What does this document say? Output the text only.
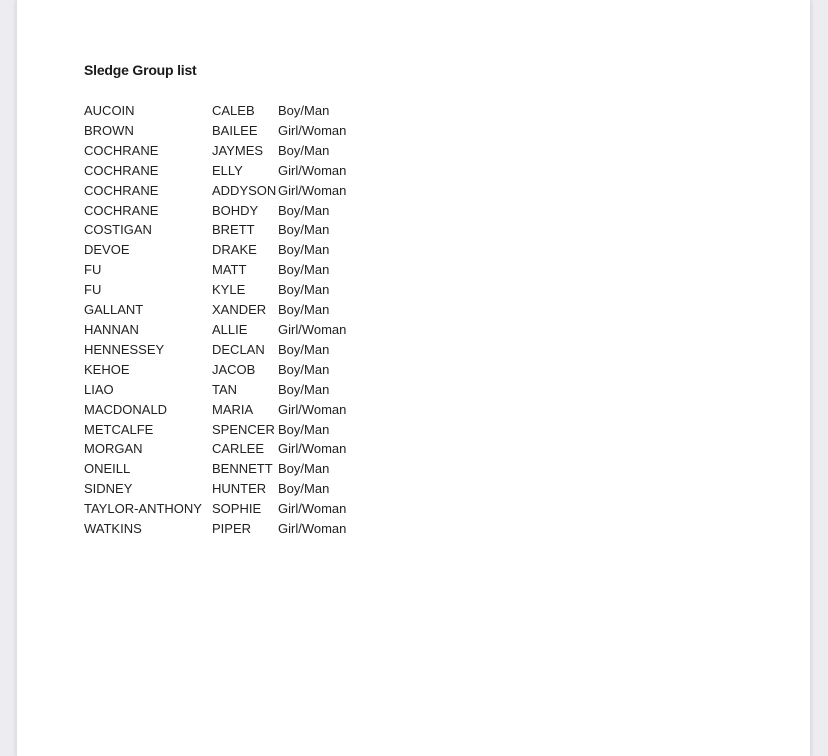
Sledge Group list
AUCOIN	CALEB	Boy/Man
BROWN	BAILEE	Girl/Woman
COCHRANE	JAYMES	Boy/Man
COCHRANE	ELLY	Girl/Woman
COCHRANE	ADDYSON	Girl/Woman
COCHRANE	BOHDY	Boy/Man
COSTIGAN	BRETT	Boy/Man
DEVOE	DRAKE	Boy/Man
FU	MATT	Boy/Man
FU	KYLE	Boy/Man
GALLANT	XANDER	Boy/Man
HANNAN	ALLIE	Girl/Woman
HENNESSEY	DECLAN	Boy/Man
KEHOE	JACOB	Boy/Man
LIAO	TAN	Boy/Man
MACDONALD	MARIA	Girl/Woman
METCALFE	SPENCER	Boy/Man
MORGAN	CARLEE	Girl/Woman
ONEILL	BENNETT	Boy/Man
SIDNEY	HUNTER	Boy/Man
TAYLOR-ANTHONY	SOPHIE	Girl/Woman
WATKINS	PIPER	Girl/Woman
